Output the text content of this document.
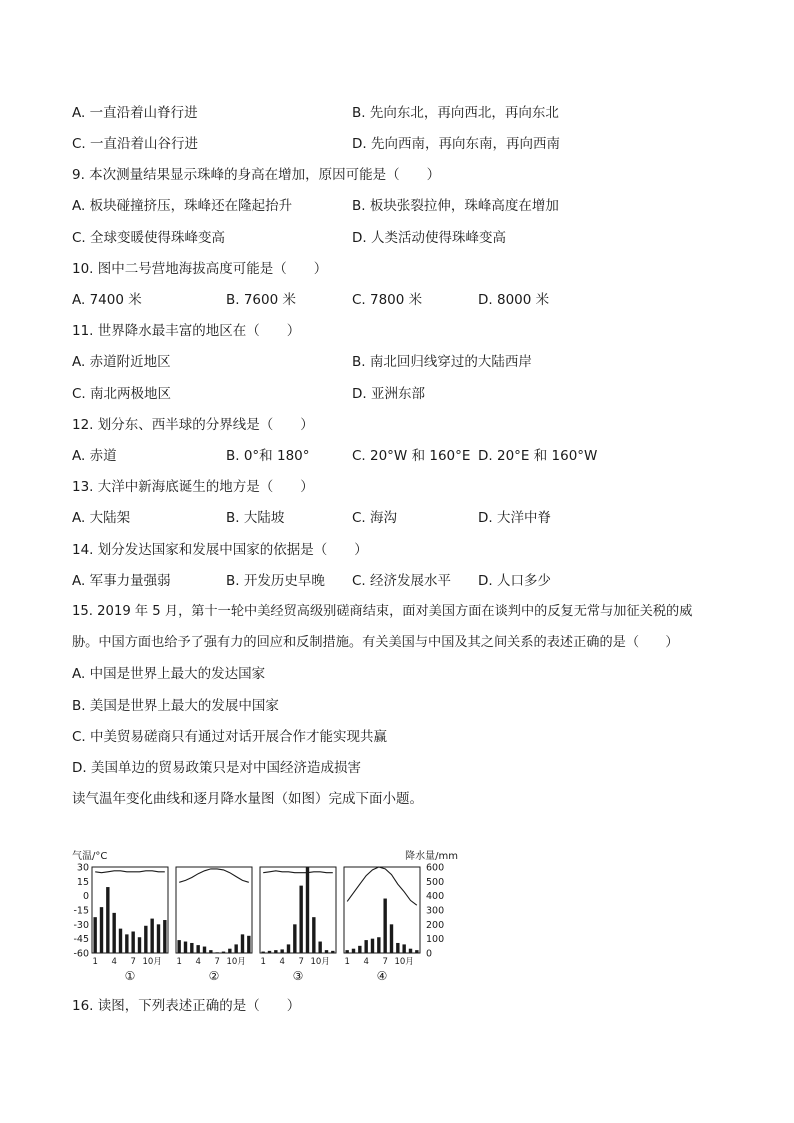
A. 一直沿着山脊行进	B. 先向东北，再向西北，再向东北
C. 一直沿着山谷行进	D. 先向西南，再向东南，再向西南
9. 本次测量结果显示珠峰的身高在增加，原因可能是（　　）
A. 板块碰撞挤压，珠峰还在隆起抬升	B. 板块张裂拉伸，珠峰高度在增加
C. 全球变暖使得珠峰变高	D. 人类活动使得珠峰变高
10. 图中二号营地海拔高度可能是（　　）
A. 7400 米	B. 7600 米	C. 7800 米	D. 8000 米
11. 世界降水最丰富的地区在（　　）
A. 赤道附近地区	B. 南北回归线穿过的大陆西岸
C. 南北两极地区	D. 亚洲东部
12. 划分东、西半球的分界线是（　　）
A. 赤道	B. 0°和 180°	C. 20°W 和 160°E D. 20°E 和 160°W
13. 大洋中新海底诞生的地方是（　　）
A. 大陆架	B. 大陆坡	C. 海沟	D. 大洋中脊
14. 划分发达国家和发展中国家的依据是（　　）
A. 军事力量强弱	B. 开发历史早晚 C. 经济发展水平 D. 人口多少
15. 2019 年 5 月，第十一轮中美经贸高级别磋商结束，面对美国方面在谈判中的反复无常与加征关税的威
胁。中国方面也给予了强有力的回应和反制措施。有关美国与中国及其之间关系的表述正确的是（　　）
A. 中国是世界上最大的发达国家
B. 美国是世界上最大的发展中国家
C. 中美贸易磋商只有通过对话开展合作才能实现共赢
D. 美国单边的贸易政策只是对中国经济造成损害
读气温年变化曲线和逐月降水量图（如图）完成下面小题。
气温/°C	降水量/mm
30
15
0
-15
-30
-45
-60
600
500
400
300
200
100
0
1 4 7 10月
①
1 4 7 10月
②
1 4 7 10月
③
1 4 7 10月
④
16. 读图，下列表述正确的是（　　）
